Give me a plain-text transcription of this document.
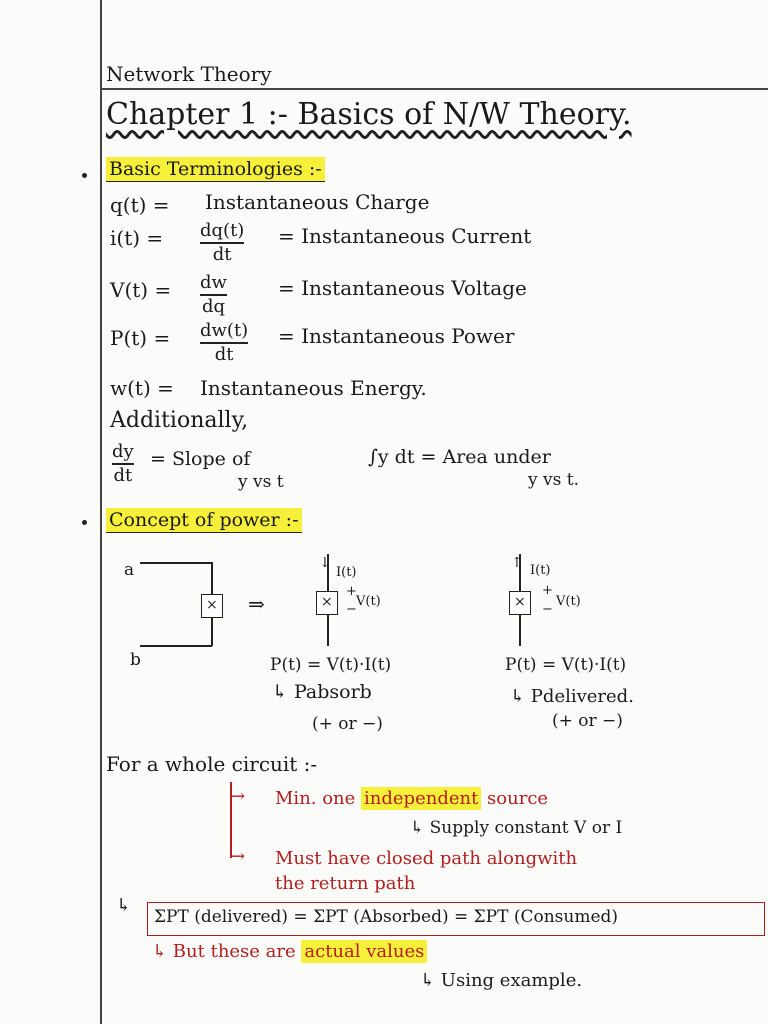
Network Theory
Chapter 1 :- Basics of N/W Theory.
Basic Terminologies :-
q(t) = Instantaneous Charge
i(t) = dq(t)
dt
= Instantaneous Current
V(t) = dw
dq
= Instantaneous Voltage
P(t) = dw(t)
dt
= Instantaneous Power
w(t) = Instantaneous Energy.
Additionally,
dy
dt
= Slope of
y vs t
∫y dt = Area under
y vs t.
Concept of power :-
a
b
× ⇒
↓
I(t)
×
+
V(t)
−
P(t) = V(t)·I(t)
↳ Pabsorb
(+ or −)
↑ I(t)
×
+
V(t)
−
P(t) = V(t)·I(t)
↳ Pdelivered.
(+ or −)
For a whole circuit :-
→ Min. one independent source
↳ Supply constant V or I
→ Must have closed path alongwith
the return path
↳
ΣPT (delivered) = ΣPT (Absorbed) = ΣPT (Consumed)
↳ But these are actual values
↳ Using example.
